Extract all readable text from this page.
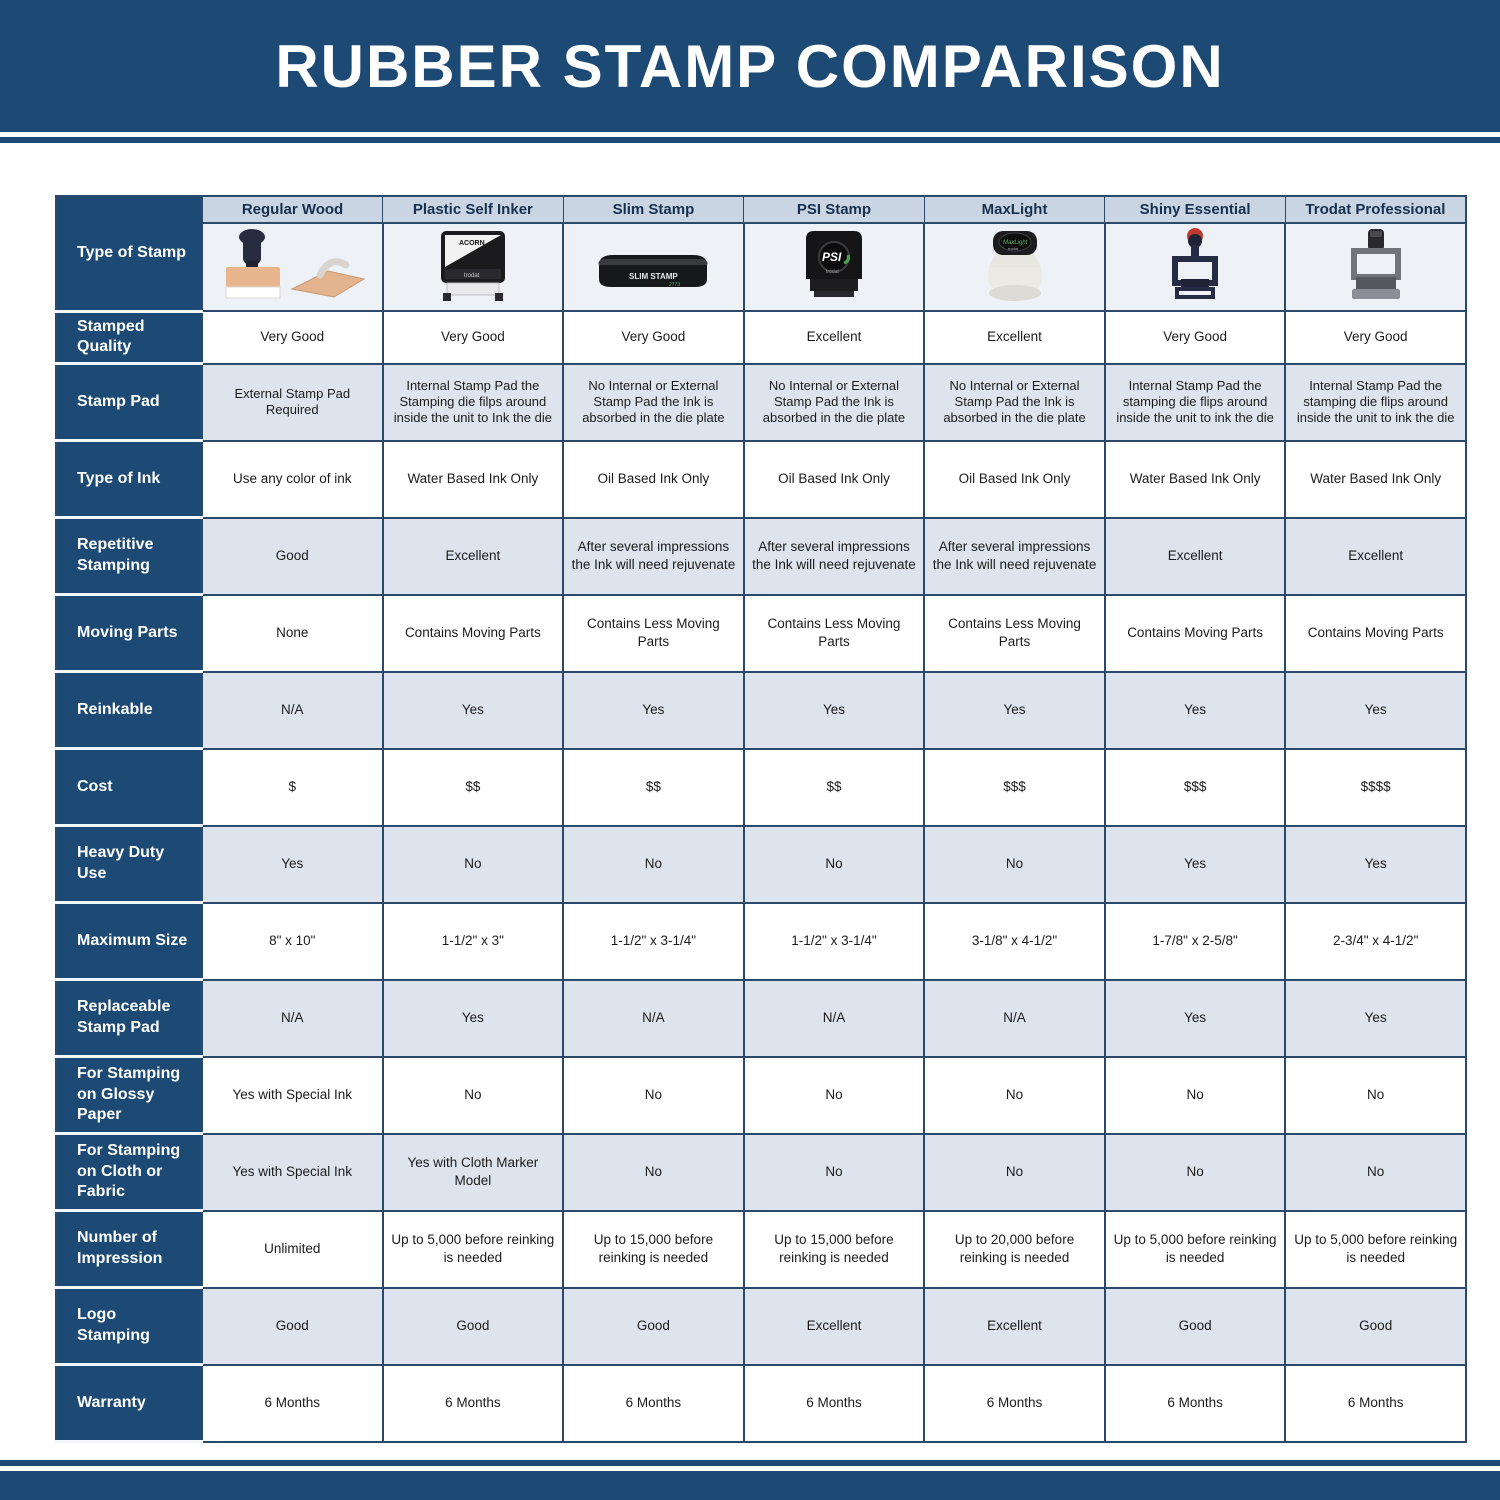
RUBBER STAMP COMPARISON
Type of Stamp	Regular Wood	Plastic Self Inker	Slim Stamp	PSI Stamp	MaxLight	Shiny Essential	Trodat Professional

ACORN
trodat	SLIM STAMP
2773	PSI
trodat	MaxLight
trodat

Stamped Quality	Very Good	Very Good	Very Good	Excellent	Excellent	Very Good	Very Good
Stamp Pad	External Stamp Pad Required	Internal Stamp Pad the Stamping die filps around inside the unit to Ink the die	No Internal or External Stamp Pad the Ink is absorbed in the die plate	No Internal or External Stamp Pad the Ink is absorbed in the die plate	No Internal or External Stamp Pad the Ink is absorbed in the die plate	Internal Stamp Pad the stamping die flips around inside the unit to ink the die	Internal Stamp Pad the stamping die flips around inside the unit to ink the die
Type of Ink	Use any color of ink	Water Based Ink Only	Oil Based Ink Only	Oil Based Ink Only	Oil Based Ink Only	Water Based Ink Only	Water Based Ink Only
Repetitive Stamping	Good	Excellent	After several impressions the Ink will need rejuvenate	After several impressions the Ink will need rejuvenate	After several impressions the Ink will need rejuvenate	Excellent	Excellent
Moving Parts	None	Contains Moving Parts	Contains Less Moving Parts	Contains Less Moving Parts	Contains Less Moving Parts	Contains Moving Parts	Contains Moving Parts
Reinkable	N/A	Yes	Yes	Yes	Yes	Yes	Yes
Cost	$	$$	$$	$$	$$$	$$$	$$$$
Heavy Duty Use	Yes	No	No	No	No	Yes	Yes
Maximum Size	8" x 10"	1-1/2" x 3"	1-1/2" x 3-1/4"	1-1/2" x 3-1/4"	3-1/8" x 4-1/2"	1-7/8" x 2-5/8"	2-3/4" x 4-1/2"
Replaceable Stamp Pad	N/A	Yes	N/A	N/A	N/A	Yes	Yes
For Stamping on Glossy Paper	Yes with Special Ink	No	No	No	No	No	No
For Stamping on Cloth or Fabric	Yes with Special Ink	Yes with Cloth Marker Model	No	No	No	No	No
Number of Impression	Unlimited	Up to 5,000 before reinking is needed	Up to 15,000 before reinking is needed	Up to 15,000 before reinking is needed	Up to 20,000 before reinking is needed	Up to 5,000 before reinking is needed	Up to 5,000 before reinking is needed
Logo Stamping	Good	Good	Good	Excellent	Excellent	Good	Good
Warranty	6 Months	6 Months	6 Months	6 Months	6 Months	6 Months	6 Months
